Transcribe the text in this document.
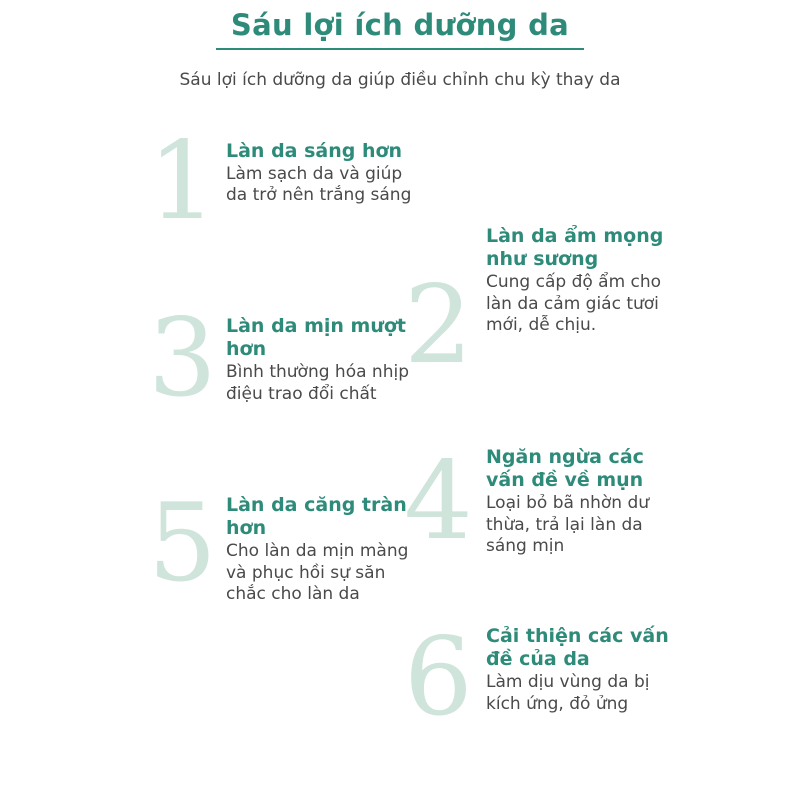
Sáu lợi ích dưỡng da
Sáu lợi ích dưỡng da giúp điều chỉnh chu kỳ thay da
1 Làn da sáng hơn
Làm sạch da và giúp da trở nên trắng sáng
2
Làn da ẩm mọng như sương
Cung cấp độ ẩm cho làn da cảm giác tươi mới, dễ chịu.
3 Làn da mịn mượt hơn
Bình thường hóa nhịp điệu trao đổi chất
4 Ngăn ngừa các vấn đề về mụn
Loại bỏ bã nhờn dư thừa, trả lại làn da sáng mịn
5 Làn da căng tràn hơn
Cho làn da mịn màng và phục hồi sự săn chắc cho làn da
6 Cải thiện các vấn đề của da
Làm dịu vùng da bị kích ứng, đỏ ửng
